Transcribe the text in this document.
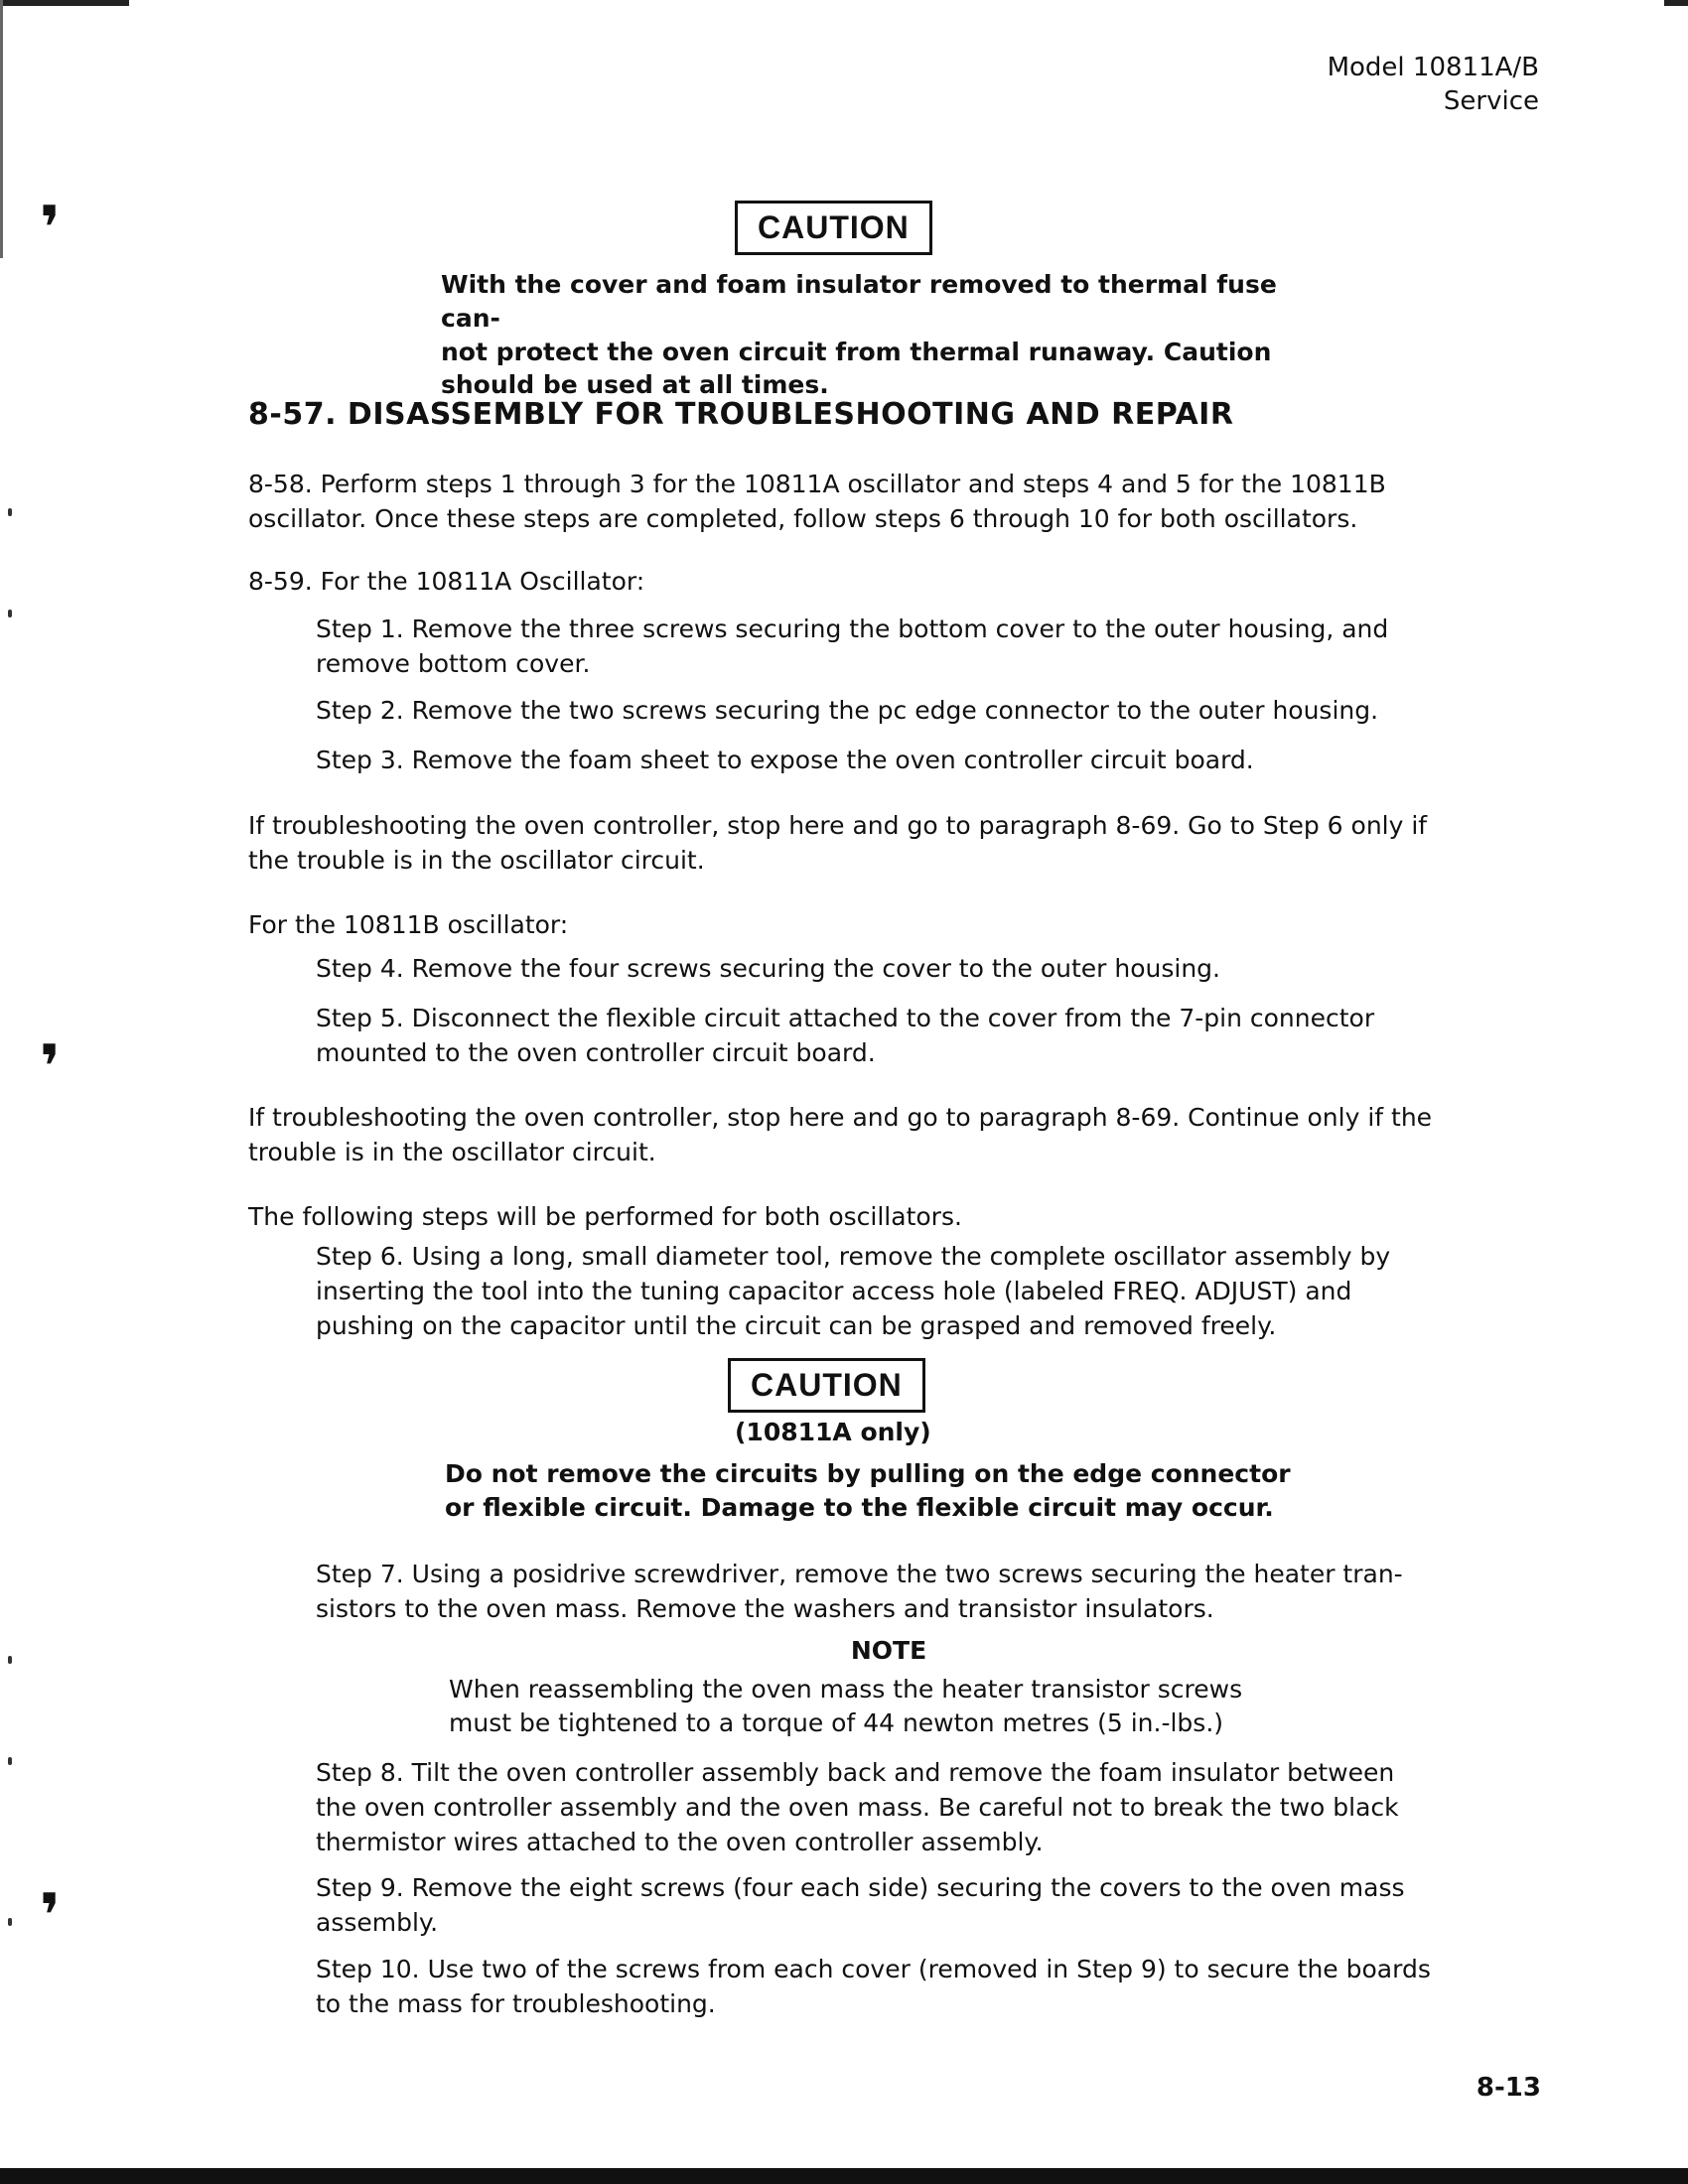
❜
❜
❜
Model 10811A/B
Service
CAUTION
With the cover and foam insulator removed to thermal fuse can-
not protect the oven circuit from thermal runaway. Caution
should be used at all times.
8-57. DISASSEMBLY FOR TROUBLESHOOTING AND REPAIR
8-58. Perform steps 1 through 3 for the 10811A oscillator and steps 4 and 5 for the 10811B
oscillator. Once these steps are completed, follow steps 6 through 10 for both oscillators.
8-59. For the 10811A Oscillator:
Step 1. Remove the three screws securing the bottom cover to the outer housing, and
remove bottom cover.
Step 2. Remove the two screws securing the pc edge connector to the outer housing.
Step 3. Remove the foam sheet to expose the oven controller circuit board.
If troubleshooting the oven controller, stop here and go to paragraph 8-69. Go to Step 6 only if
the trouble is in the oscillator circuit.
For the 10811B oscillator:
Step 4. Remove the four screws securing the cover to the outer housing.
Step 5. Disconnect the flexible circuit attached to the cover from the 7-pin connector
mounted to the oven controller circuit board.
If troubleshooting the oven controller, stop here and go to paragraph 8-69. Continue only if the
trouble is in the oscillator circuit.
The following steps will be performed for both oscillators.
Step 6. Using a long, small diameter tool, remove the complete oscillator assembly by
inserting the tool into the tuning capacitor access hole (labeled FREQ. ADJUST) and
pushing on the capacitor until the circuit can be grasped and removed freely.
CAUTION
(10811A only)
Do not remove the circuits by pulling on the edge connector
or flexible circuit. Damage to the flexible circuit may occur.
Step 7. Using a posidrive screwdriver, remove the two screws securing the heater tran-
sistors to the oven mass. Remove the washers and transistor insulators.
NOTE
When reassembling the oven mass the heater transistor screws
must be tightened to a torque of 44 newton metres (5 in.-lbs.)
Step 8. Tilt the oven controller assembly back and remove the foam insulator between
the oven controller assembly and the oven mass. Be careful not to break the two black
thermistor wires attached to the oven controller assembly.
Step 9. Remove the eight screws (four each side) securing the covers to the oven mass
assembly.
Step 10. Use two of the screws from each cover (removed in Step 9) to secure the boards
to the mass for troubleshooting.
8-13
